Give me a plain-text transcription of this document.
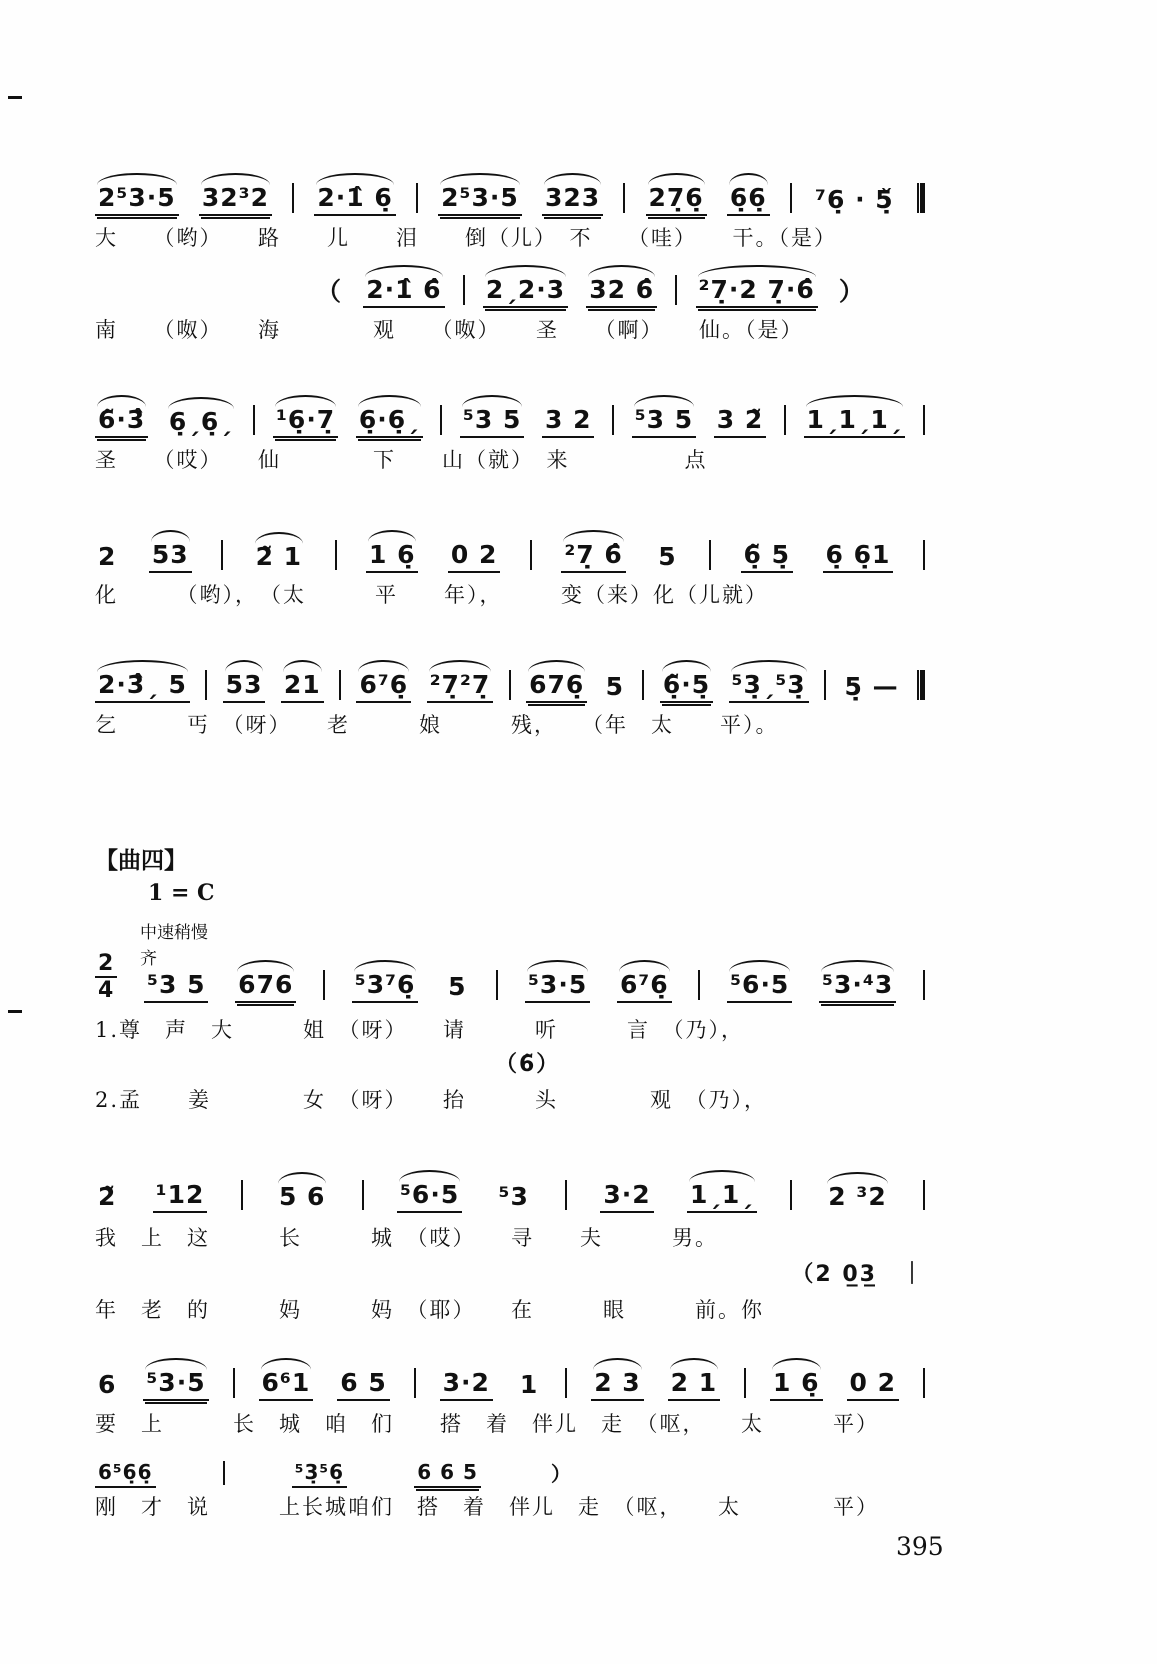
2⁵3·5 32³2 2·1̂ 6̣ 2⁵3·5 323 27̣6̣ 6̣6̣ ⁷6̣ · 5̣̌
大　　（哟）　　路　　儿　　泪　　倒（儿）　不　　（哇）　　干。（是）
（ 2·1̂ 6̂ 2ˏ2·3 32 6̂ ²7̣·2 7̣·6̂ ）
南　　（呶）　　海　　　　观　　（呶）　　圣　　（啊）　　仙。（是）
6̃·3̂ 6̣ˏ6̣ˏ ¹6̣·7̣ 6̣·6̣ˏ ⁵3 5 3 2 ⁵3 5 3 2̃ 1ˏ1ˏ1ˏ
圣　　（哎）　　仙　　　　下　　山（就）　来　　　　　点
2 53	2̃ 1	1 6̣ 0 2	²7̣ 6̂ 5	6̣̃ 5̣ 6̣ 6̣1
化　　　（哟），　（太　　　平　　年），　　　变（来）化（儿就）
2·3̂ˏ 5 53 21 6⁷6̣ ²7̣²7̣ 676̣ 5 6̣̃·5̣ ⁵3̣ˏ⁵3̣ 5̣ —
乞　　　丐　（呀）　　老　　　娘　　　残，　　（年　太　　平）。
【曲四】
1 = C
中速稍慢
齐
2
4 ⁵3 5 676 ⁵3⁷6̣ 5 ⁵3·5 6⁷6̣ ⁵6·5 ⁵3·⁴3
1.尊　声　大　　　姐　（呀）　　请　　　听　　　言　（乃），
（6̃）
2.孟　　姜　　　　女　（呀）　　抬　　　头　　　　观　（乃），
2̃ ¹12	5 6	⁵6·5 ⁵3	3·2 1ˏ1ˏ	2 ³2
我　上　这　　　长　　　城　（哎）　　寻　　夫　　　男。
（2 0̲3̲　｜
年　老　的　　　妈　　　妈　（耶）　　在　　　眼　　　前。你
6 ⁵3·5 6⁶1 6 5 3·2 1 2 3 2 1 1 6̣ 0 2
要　上　　　长　城　咱　们　　搭　着　伴儿　走　（呕，　　太　　　平）
6⁵6̣6̣	⁵3̣⁵6̣	6 6 5	）
刚　才　说　　　上长城咱们　搭　着　伴儿　走　（呕，　　太　　　　平）
395
